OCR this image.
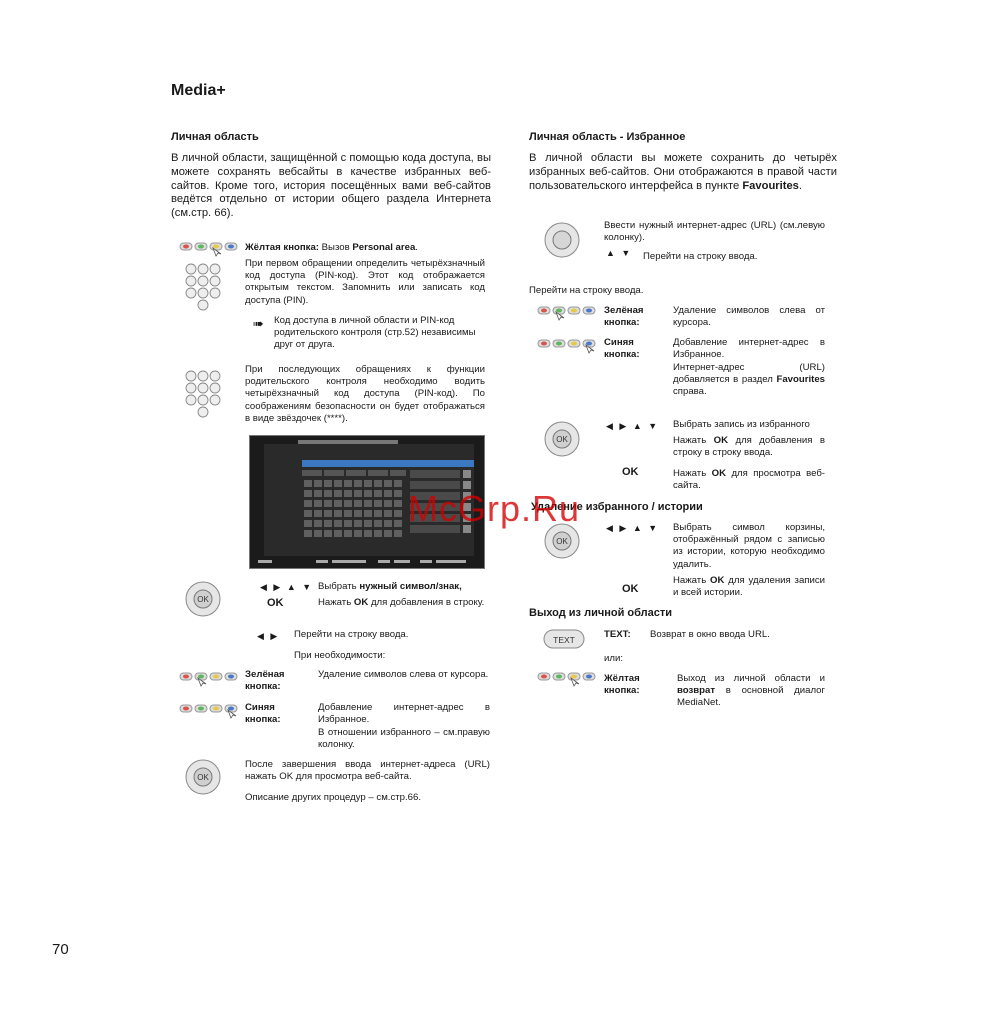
Media+
Личная область
В личной области, защищённой с помощью кода доступа, вы можете сохранять вебсайты в качестве избранных веб-сайтов. Кроме того, история посещённых вами веб-сайтов ведётся отдельно от истории общего раздела Интернета (см.стр. 66).
Жёлтая кнопка: Вызов Personal area.
При первом обращении определить четырёхзначный код доступа (PIN-код). Этот код отображается открытым текстом. Запомнить или записать код доступа (PIN).
➠ Код доступа в личной области и PIN-код родительского контроля (стр.52) независимы друг от друга.
При последующих обращениях к функции родительского контроля необходимо водить четырёхзначный код доступа (PIN-код). По соображениям безопасности он будет отображаться в виде звёздочек (****).
OK
◀ ▶ ▲ ▼
OK
Выбрать нужный символ/знак,
Нажать OK для добавления в строку.
◀ ▶ Перейти на строку ввода.
При необходимости:
Зелёная кнопка:
Удаление символов слева от курсора.
Синяя кнопка:
Добавление интернет-адрес в Избранное.
В отношении избранного – см.правую колонку.
OK
После завершения ввода интернет-адреса (URL) нажать OK для просмотра веб-сайта.
Описание других процедур – см.стр.66.
Личная область - Избранное
В личной области вы можете сохранить до четырёх избранных веб-сайтов. Они отображаются в правой части пользовательского интерфейса в пункте Favourites.
Ввести нужный интернет-адрес (URL) (см.левую колонку).
▲ ▼ Перейти на строку ввода.
Перейти на строку ввода.
Зелёная кнопка:
Удаление символов слева от курсора.
Синяя кнопка:
Добавление интернет-адрес в Избранное.
Интернет-адрес (URL) добавляется в раздел Favourites справа.
OK
◀ ▶ ▲ ▼ Выбрать запись из избранного
Нажать OK для добавления в строку в строку ввода.
OK	Нажать OK для просмотра веб-сайта.
Удаление избранного / истории
OK
◀ ▶ ▲ ▼ Выбрать символ корзины, отображённый рядом с записью из истории, которую необходимо удалить.
OK
Нажать OK для удаления записи и всей истории.
Выход из личной области
TEXT	TEXT: Возврат в окно ввода URL.
или:
Жёлтая кнопка:
Выход из личной области и возврат в основной диалог MediaNet.
McGrp.Ru
70
